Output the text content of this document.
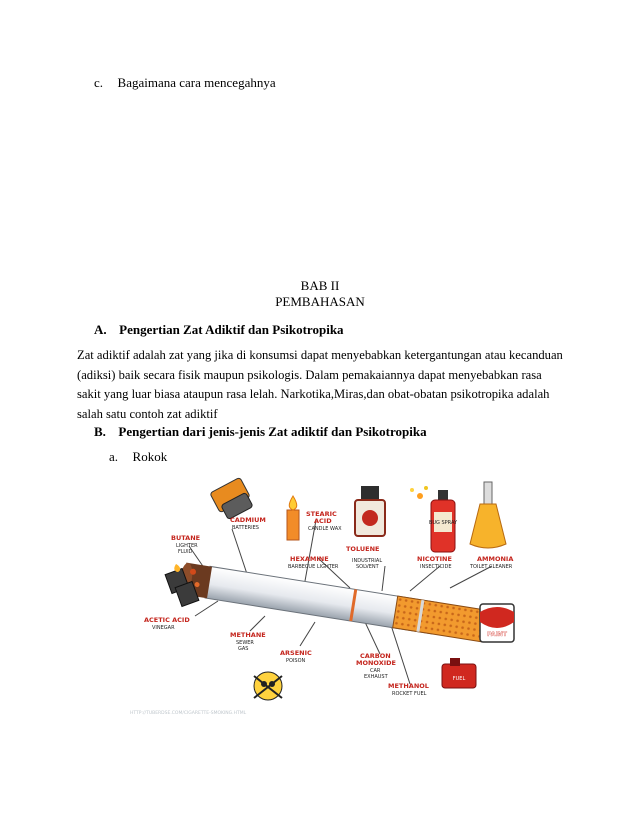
c. Bagaimana cara mencegahnya
BAB II
PEMBAHASAN
A. Pengertian Zat Adiktif dan Psikotropika
Zat adiktif adalah zat yang jika di konsumsi dapat menyebabkan ketergantungan atau kecanduan
(adiksi) baik secara fisik maupun psikologis. Dalam pemakaiannya dapat menyebabkan rasa
sakit yang luar biasa ataupun rasa lelah. Narkotika,Miras,dan obat-obatan psikotropika adalah
salah satu contoh zat adiktif
B. Pengertian dari jenis-jenis Zat adiktif dan Psikotropika
a. Rokok
BUG SPRAY
PAINT
FUEL
CADMIUM
STEARIC
ACID
BUTANE
TOLUENE
HEXAMINE	NICOTINE	AMMONIA
ACETIC ACID
METHANE
ARSENIC	CARBON
MONOXIDE
METHANOL
BATTERIES	CANDLE WAX
LIGHTER
FLUID
BARBECUE LIGHTER
INDUSTRIAL
SOLVENT	INSECTICIDE	TOILET CLEANER
VINEGAR
SEWER
GAS
POISON
CAR
EXHAUST
ROCKET FUEL
HTTP://TUBERDSE.COM/CIGARETTE-SMOKING.HTML
